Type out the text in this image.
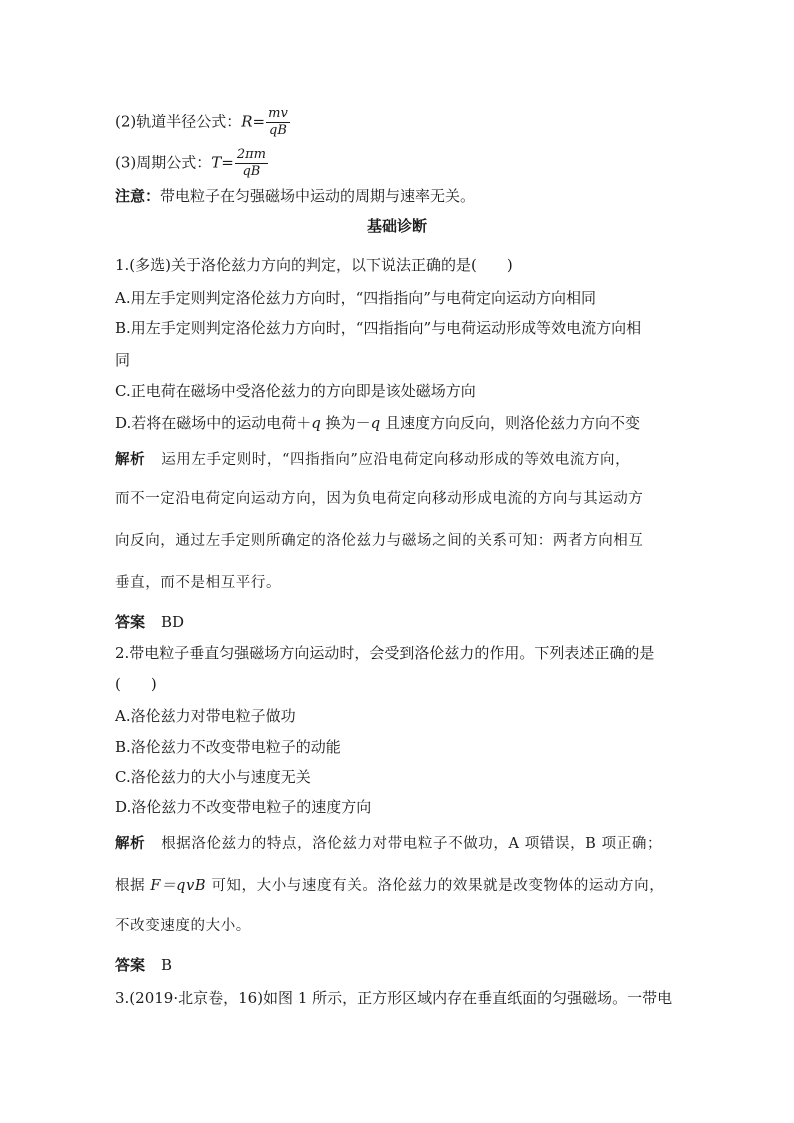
(2)轨道半径公式：$R= \frac{mv}{qB}$
(3)周期公式：$T= \frac{2\pi m}{qB}$
注意：带电粒子在匀强磁场中运动的周期与速率无关。
基础诊断
1.(多选)关于洛伦兹力方向的判定，以下说法正确的是(　　)
A.用左手定则判定洛伦兹力方向时，“四指指向”与电荷定向运动方向相同
B.用左手定则判定洛伦兹力方向时，“四指指向”与电荷运动形成等效电流方向相
同
C.正电荷在磁场中受洛伦兹力的方向即是该处磁场方向
D.若将在磁场中的运动电荷＋q 换为－q 且速度方向反向，则洛伦兹力方向不变
解析 运用左手定则时，“四指指向”应沿电荷定向移动形成的等效电流方向，
而不一定沿电荷定向运动方向，因为负电荷定向移动形成电流的方向与其运动方
向反向，通过左手定则所确定的洛伦兹力与磁场之间的关系可知：两者方向相互
垂直，而不是相互平行。
答案 BD
2.带电粒子垂直匀强磁场方向运动时，会受到洛伦兹力的作用。下列表述正确的是
(　　)
A.洛伦兹力对带电粒子做功
B.洛伦兹力不改变带电粒子的动能
C.洛伦兹力的大小与速度无关
D.洛伦兹力不改变带电粒子的速度方向
解析 根据洛伦兹力的特点，洛伦兹力对带电粒子不做功，A 项错误，B 项正确；
根据 F＝qvB 可知，大小与速度有关。洛伦兹力的效果就是改变物体的运动方向，
不改变速度的大小。
答案 B
3.(2019·北京卷，16)如图 1 所示，正方形区域内存在垂直纸面的匀强磁场。一带电
